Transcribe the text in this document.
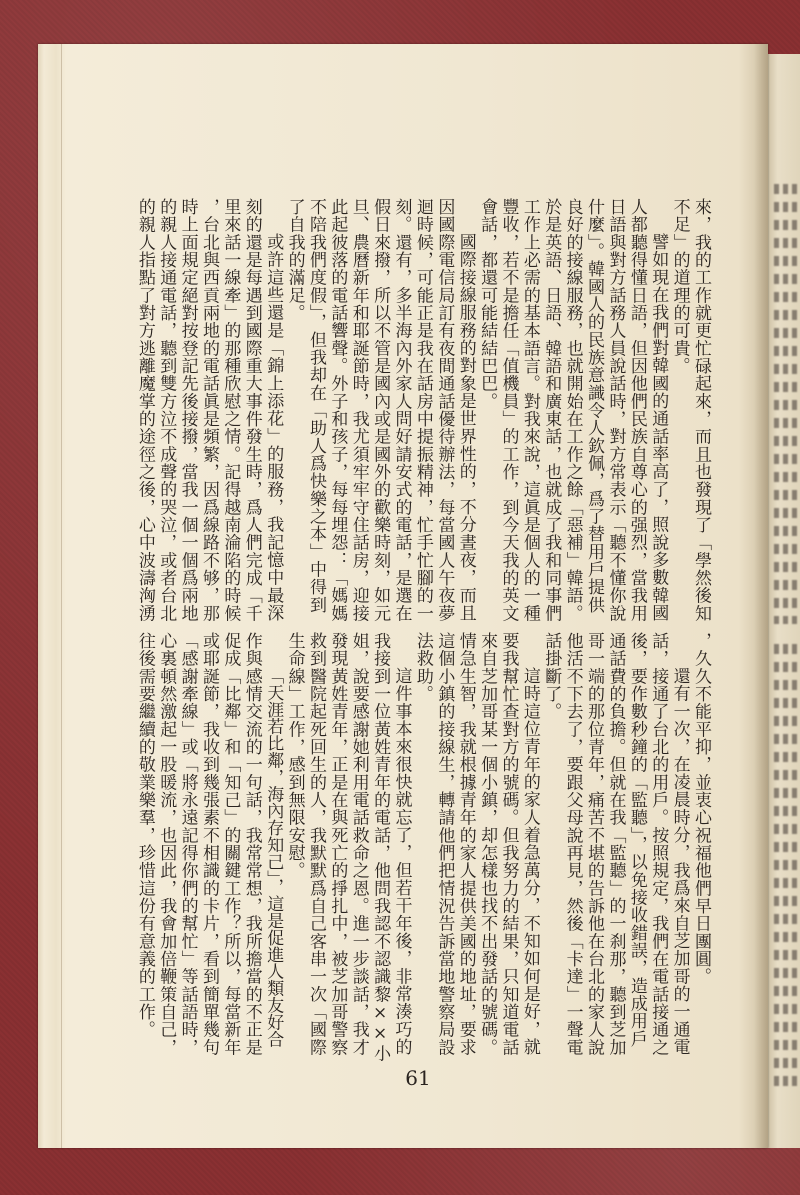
來，我的工作就更忙碌起來，而且也發現了「學然後知
不足」的道理的可貴。
譬如現在我們對韓國的通話率高了，照說多數韓國
人都聽得懂日語，但因他們民族自尊心的强烈，當我用
日語與對方話務人員說話時，對方常表示「聽不懂你說
什麼」。韓國人的民族意識令人欽佩，爲了替用戶提供
良好的接線服務，也就開始在工作之餘「惡補」韓語。
於是英語、日語、韓語和廣東話，也就成了我和同事們
工作上必需的基本語言。對我來說，這眞是個人的一種
豐收，若不是擔任「值機員」的工作，到今天我的英文
會話，都還可能結結巴巴。
國際接線服務的對象是世界性的，不分晝夜，而且
因國際電信局訂有夜間通話優待辦法，每當國人午夜夢
迴時候，可能正是我在話房中提振精神，忙手忙腳的一
刻。還有，多半海內外家人問好請安式的電話，是選在
假日來撥，所以不管是國內或是國外的歡樂時刻，如元
旦、農曆新年和耶誕節時，我尤須牢牢守住話房，迎接
此起彼落的電話響聲。外子和孩子，每每埋怨：「媽媽
不陪我們度假」，但我却在「助人爲快樂之本」中得到
了自我的滿足。
或許這些還是「錦上添花」的服務，我記憶中最深
刻的還是每遇到國際重大事件發生時，爲人們完成「千
里來話一線牽」的那種欣慰之情。記得越南淪陷的時候
，台北與西貢兩地的電話眞是頻繁，因爲線路不够，那
時上面規定絕對按登記先後接撥，當我一個一個爲兩地
的親人接通電話，聽到雙方泣不成聲的哭泣，或者台北
的親人指點了對方逃離魔掌的途徑之後，心中波濤洶湧
，久久不能平抑，並衷心祝福他們早日團圓。
還有一次，在凌晨時分，我爲來自芝加哥的一通電
話，接通了台北的用戶。按照規定，我們在電話接通之
後，要作數秒鐘的「監聽」，以免接收錯誤，造成用戶
通話費的負擔。但就在我「監聽」的一刹那，聽到芝加
哥一端的那位青年，痛苦不堪的告訴他在台北的家人說
他活不下去了，要跟父母說再見，然後「卡達」一聲電
話掛斷了。
這時這位青年的家人着急萬分，不知如何是好，就
要我幫忙查對方的號碼。但我努力的結果，只知道電話
來自芝加哥某一個小鎮，却怎樣也找不出發話的號碼。
情急生智，我就根據青年的家人提供美國的地址，要求
這個小鎮的接線生，轉請他們把情況告訴當地警察局設
法救助。
這件事本來很快就忘了，但若干年後，非常湊巧的
我接到一位黃姓青年的電話，他問我認不認識黎××小
姐，說要感謝她利用電話救命之恩。進一步談話，我才
發現黃姓青年，正是在與死亡的掙扎中，被芝加哥警察
救到醫院起死回生的人，我默默爲自己客串一次「國際
生命線」工作，感到無限安慰。
「天涯若比鄰，海內存知己」，這是促進人類友好合
作與感情交流的一句話，我常常想，我所擔當的不正是
促成「比鄰」和「知己」的關鍵工作？所以，每當新年
或耶誕節，我收到幾張素不相識的卡片，看到簡單幾句
「感謝牽線」或「將永遠記得你們的幫忙」等話語時，
心裏頓然激起一股暖流，也因此，我會加倍鞭策自己，
往後需要繼續的敬業樂羣，珍惜這份有意義的工作。
61
